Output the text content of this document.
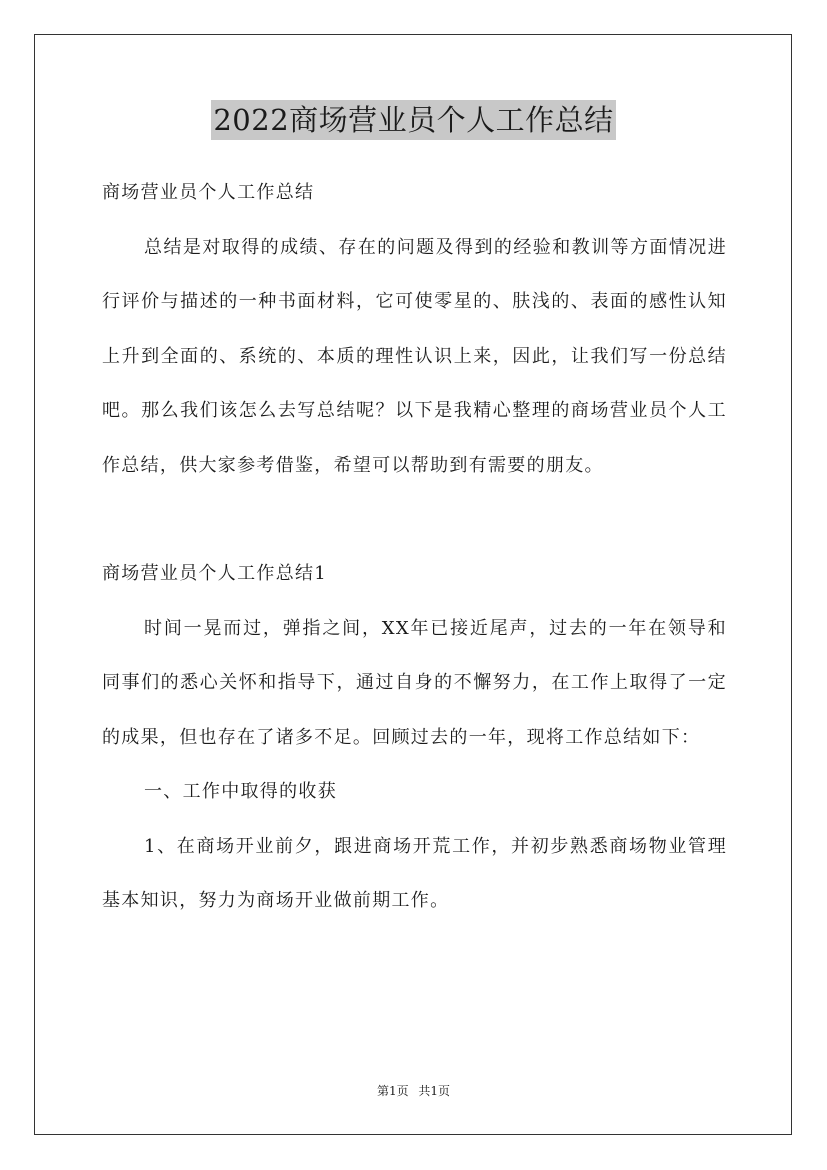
2022商场营业员个人工作总结

商场营业员个人工作总结

总结是对取得的成绩、存在的问题及得到的经验和教训等方面情况进行评价与描述的一种书面材料，它可使零星的、肤浅的、表面的感性认知上升到全面的、系统的、本质的理性认识上来，因此，让我们写一份总结吧。那么我们该怎么去写总结呢？以下是我精心整理的商场营业员个人工作总结，供大家参考借鉴，希望可以帮助到有需要的朋友。

商场营业员个人工作总结1

时间一晃而过，弹指之间，XX年已接近尾声，过去的一年在领导和同事们的悉心关怀和指导下，通过自身的不懈努力，在工作上取得了一定的成果，但也存在了诸多不足。回顾过去的一年，现将工作总结如下：

一、工作中取得的收获

1、在商场开业前夕，跟进商场开荒工作，并初步熟悉商场物业管理基本知识，努力为商场开业做前期工作。

第1页 共1页
